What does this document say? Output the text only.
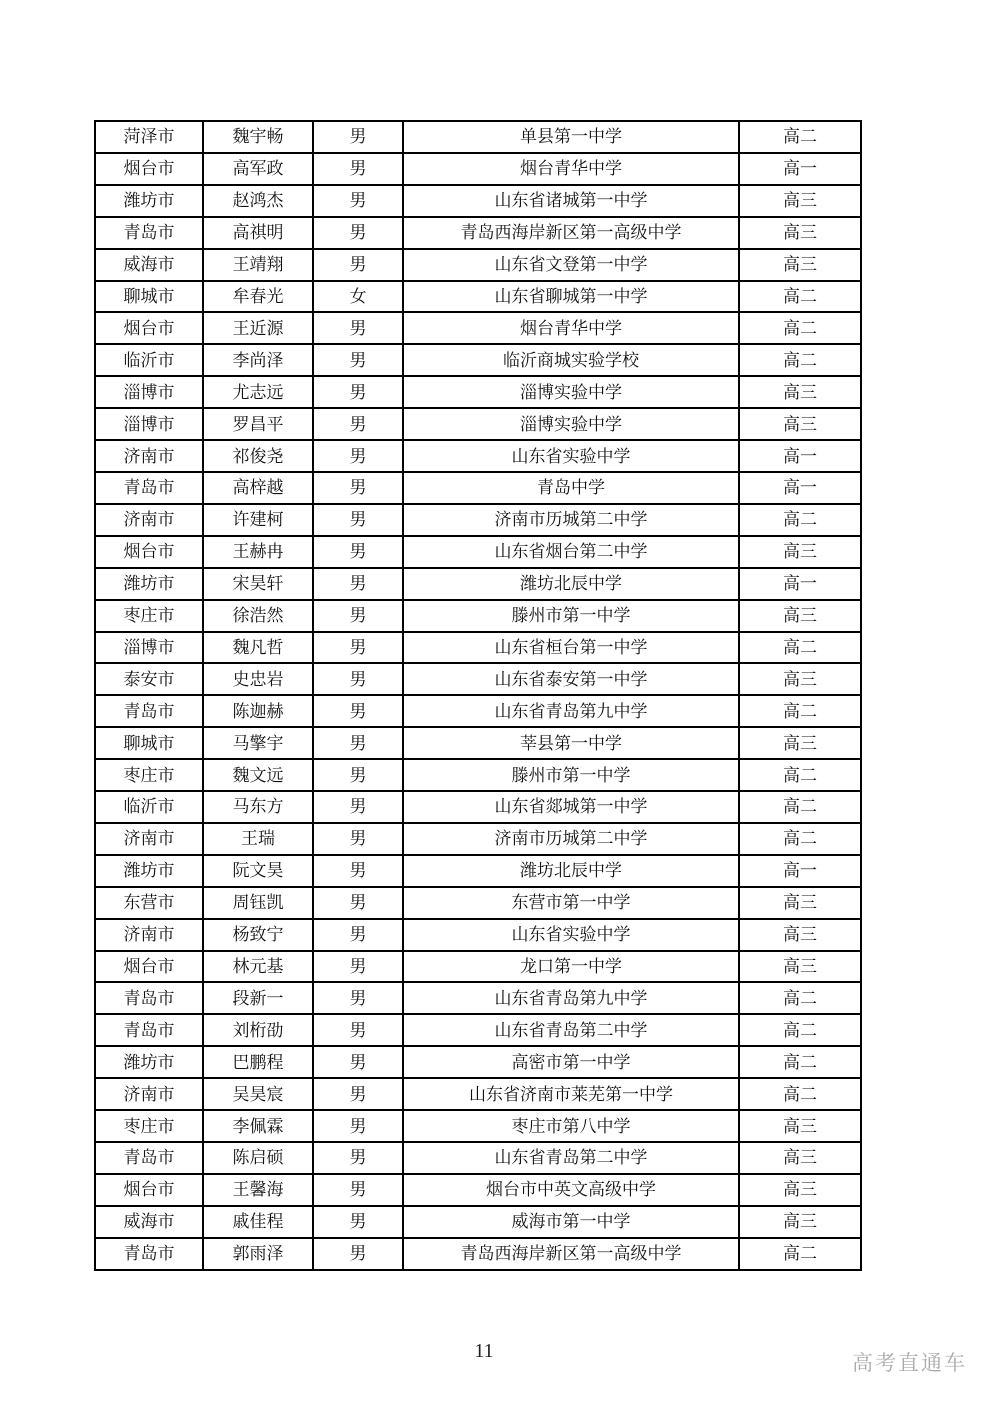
菏泽市	魏宇畅	男	单县第一中学	高二
烟台市	高军政	男	烟台青华中学	高一
潍坊市	赵鸿杰	男	山东省诸城第一中学	高三
青岛市	高祺明	男	青岛西海岸新区第一高级中学	高三
威海市	王靖翔	男	山东省文登第一中学	高三
聊城市	牟春光	女	山东省聊城第一中学	高二
烟台市	王近源	男	烟台青华中学	高二
临沂市	李尚泽	男	临沂商城实验学校	高二
淄博市	尤志远	男	淄博实验中学	高三
淄博市	罗昌平	男	淄博实验中学	高三
济南市	祁俊尧	男	山东省实验中学	高一
青岛市	高梓越	男	青岛中学	高一
济南市	许建柯	男	济南市历城第二中学	高二
烟台市	王赫冉	男	山东省烟台第二中学	高三
潍坊市	宋昊轩	男	潍坊北辰中学	高一
枣庄市	徐浩然	男	滕州市第一中学	高三
淄博市	魏凡哲	男	山东省桓台第一中学	高二
泰安市	史忠岩	男	山东省泰安第一中学	高三
青岛市	陈迦赫	男	山东省青岛第九中学	高二
聊城市	马擎宇	男	莘县第一中学	高三
枣庄市	魏文远	男	滕州市第一中学	高二
临沂市	马东方	男	山东省郯城第一中学	高二
济南市	王瑞	男	济南市历城第二中学	高二
潍坊市	阮文昊	男	潍坊北辰中学	高一
东营市	周钰凯	男	东营市第一中学	高三
济南市	杨致宁	男	山东省实验中学	高三
烟台市	林元基	男	龙口第一中学	高三
青岛市	段新一	男	山东省青岛第九中学	高二
青岛市	刘桁劭	男	山东省青岛第二中学	高二
潍坊市	巴鹏程	男	高密市第一中学	高二
济南市	吴昊宸	男	山东省济南市莱芜第一中学	高二
枣庄市	李佩霖	男	枣庄市第八中学	高三
青岛市	陈启硕	男	山东省青岛第二中学	高三
烟台市	王馨海	男	烟台市中英文高级中学	高三
威海市	戚佳程	男	威海市第一中学	高三
青岛市	郭雨泽	男	青岛西海岸新区第一高级中学	高二
11
高考直通车
